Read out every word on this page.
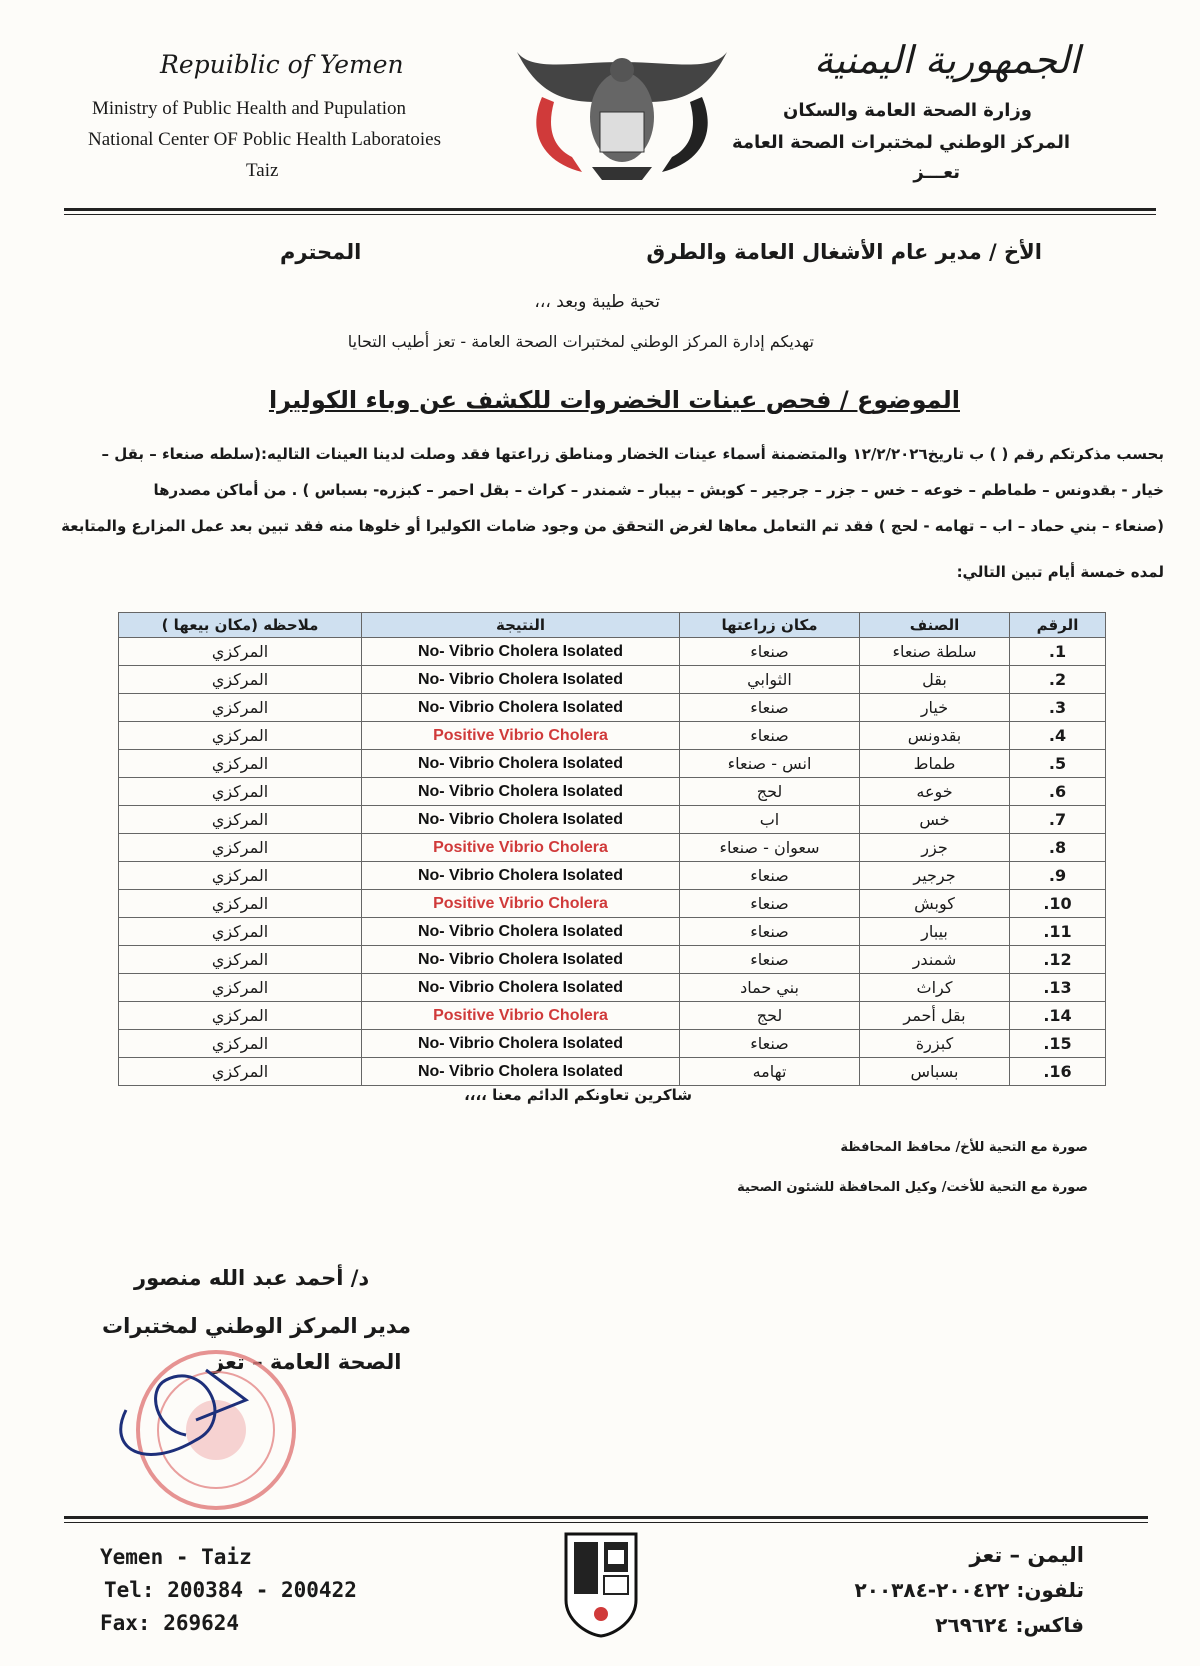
Repuiblic of Yemen
Ministry of Public Health and Pupulation
National Center OF Poblic Health Laboratoies
Taiz
الجمهورية اليمنية
وزارة الصحة العامة والسكان
المركز الوطني لمختبرات الصحة العامة
تعـــز
الأخ / مدير عام الأشغال العامة والطرق
المحترم
تحية طيبة وبعد ،،،
تهديكم إدارة المركز الوطني لمختبرات الصحة العامة - تعز أطيب التحايا
الموضوع / فحص عينات الخضروات للكشف عن وباء الكوليرا
بحسب مذكرتكم رقم ( ) ب تاريخ١٢/٢/٢٠٢٦ والمتضمنة أسماء عينات الخضار ومناطق زراعتها فقد وصلت لدينا العينات التاليه:(سلطه صنعاء – بقل –
خيار - بقدونس – طماطم – خوعه – خس – جزر – جرجير – كوبش – بيبار – شمندر – كراث – بقل احمر – كبزره- بسباس ) . من أماكن مصدرها
(صنعاء – بني حماد – اب – تهامه - لحج ) فقد تم التعامل معاها لغرض التحقق من وجود ضامات الكوليرا أو خلوها منه فقد تبين بعد عمل المزارع والمتابعة
لمده خمسة أيام تبين التالي:
الرقم	الصنف	مكان زراعتها	النتيجة	ملاحظه (مكان بيعها )
1.	سلطة صنعاء	صنعاء	No- Vibrio Cholera Isolated	المركزي
2.	بقل	الثوابي	No- Vibrio Cholera Isolated	المركزي
3.	خيار	صنعاء	No- Vibrio Cholera Isolated	المركزي
4.	بقدونس	صنعاء	Positive Vibrio Cholera	المركزي
5.	طماط	انس - صنعاء	No- Vibrio Cholera Isolated	المركزي
6.	خوعه	لحج	No- Vibrio Cholera Isolated	المركزي
7.	خس	اب	No- Vibrio Cholera Isolated	المركزي
8.	جزر	سعوان - صنعاء	Positive Vibrio Cholera	المركزي
9.	جرجير	صنعاء	No- Vibrio Cholera Isolated	المركزي
10.	كوبش	صنعاء	Positive Vibrio Cholera	المركزي
11.	بيبار	صنعاء	No- Vibrio Cholera Isolated	المركزي
12.	شمندر	صنعاء	No- Vibrio Cholera Isolated	المركزي
13.	كراث	بني حماد	No- Vibrio Cholera Isolated	المركزي
14.	بقل أحمر	لحج	Positive Vibrio Cholera	المركزي
15.	كبزرة	صنعاء	No- Vibrio Cholera Isolated	المركزي
16.	بسباس	تهامه	No- Vibrio Cholera Isolated	المركزي
شاكرين تعاونكم الدائم معنا ،،،،
صورة مع التحية للأخ/ محافظ المحافظة
صورة مع التحية للأخت/ وكيل المحافظة للشئون الصحية
د/ أحمد عبد الله منصور
مدير المركز الوطني لمختبرات
الصحة العامة – تعز
Yemen - Taiz
Tel: 200384 - 200422
Fax: 269624
اليمن – تعز
تلفون: ٢٠٠٤٢٢-٢٠٠٣٨٤
فاكس: ٢٦٩٦٢٤
